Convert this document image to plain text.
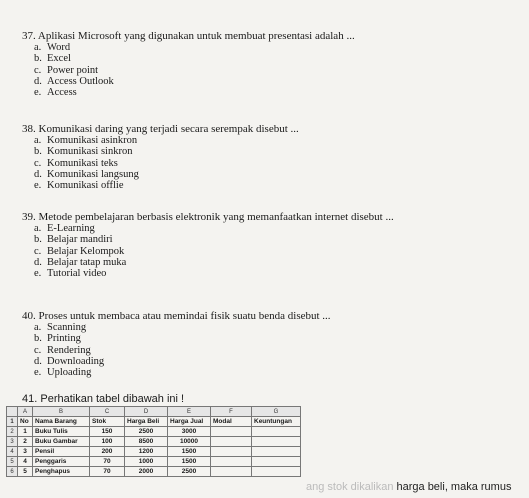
37. Aplikasi Microsoft yang digunakan untuk membuat presentasi adalah ...
a. Word
b. Excel
c. Power point
d. Access Outlook
e. Access
38. Komunikasi daring yang terjadi secara serempak disebut ...
a. Komunikasi asinkron
b. Komunikasi sinkron
c. Komunikasi teks
d. Komunikasi langsung
e. Komunikasi offlie
39. Metode pembelajaran berbasis elektronik yang memanfaatkan internet disebut ...
a. E-Learning
b. Belajar mandiri
c. Belajar Kelompok
d. Belajar tatap muka
e. Tutorial video
40. Proses untuk membaca atau memindai fisik suatu benda disebut ...
a. Scanning
b. Printing
c. Rendering
d. Downloading
e. Uploading
41. Perhatikan tabel dibawah ini !
	A	B	C	D	E	F	G
1	No	Nama Barang	Stok	Harga Beli	Harga Jual	Modal	Keuntungan
2	1	Buku Tulis	150	2500	3000		
3	2	Buku Gambar	100	8500	10000		
4	3	Pensil	200	1200	1500		
5	4	Penggaris	70	1000	1500		
6	5	Penghapus	70	2000	2500		
ang stok dikalikan harga beli, maka rumus
